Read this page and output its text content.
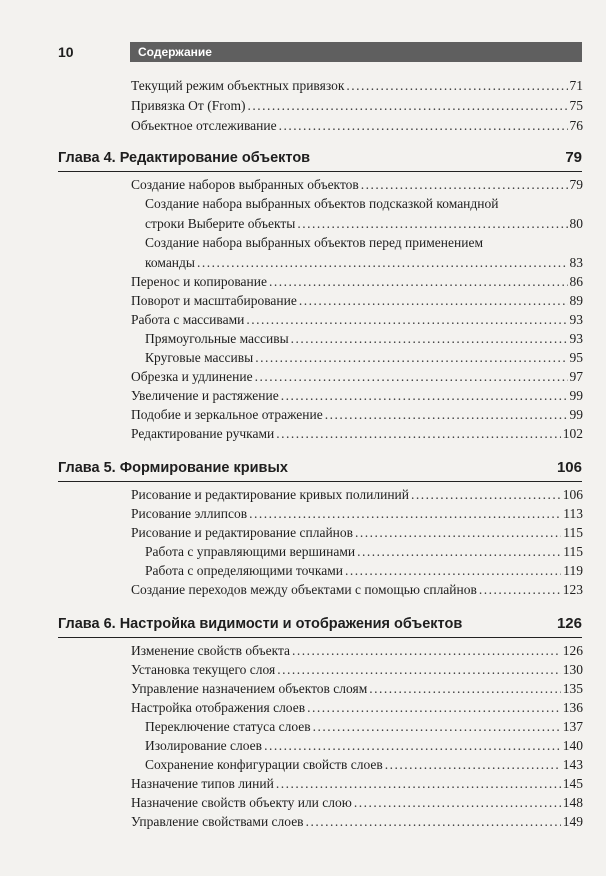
10	Содержание
Текущий режим объектных привязок .....	71
Привязка От (From) .....	75
Объектное отслеживание .....	76
Глава 4. Редактирование объектов	79
Создание наборов выбранных объектов .....	79
Создание набора выбранных объектов подсказкой командной
строки Выберите объекты .....	80
Создание набора выбранных объектов перед применением
команды .....	83
Перенос и копирование .....	86
Поворот и масштабирование .....	89
Работа с массивами .....	93
Прямоугольные массивы .....	93
Круговые массивы .....	95
Обрезка и удлинение .....	97
Увеличение и растяжение .....	99
Подобие и зеркальное отражение .....	99
Редактирование ручками .....	102
Глава 5. Формирование кривых	106
Рисование и редактирование кривых полилиний .....	106
Рисование эллипсов .....	113
Рисование и редактирование сплайнов .....	115
Работа с управляющими вершинами .....	115
Работа с определяющими точками .....	119
Создание переходов между объектами с помощью сплайнов .....	123
Глава 6. Настройка видимости и отображения объектов	126
Изменение свойств объекта .....	126
Установка текущего слоя .....	130
Управление назначением объектов слоям .....	135
Настройка отображения слоев .....	136
Переключение статуса слоев .....	137
Изолирование слоев .....	140
Сохранение конфигурации свойств слоев .....	143
Назначение типов линий .....	145
Назначение свойств объекту или слою .....	148
Управление свойствами слоев .....	149
